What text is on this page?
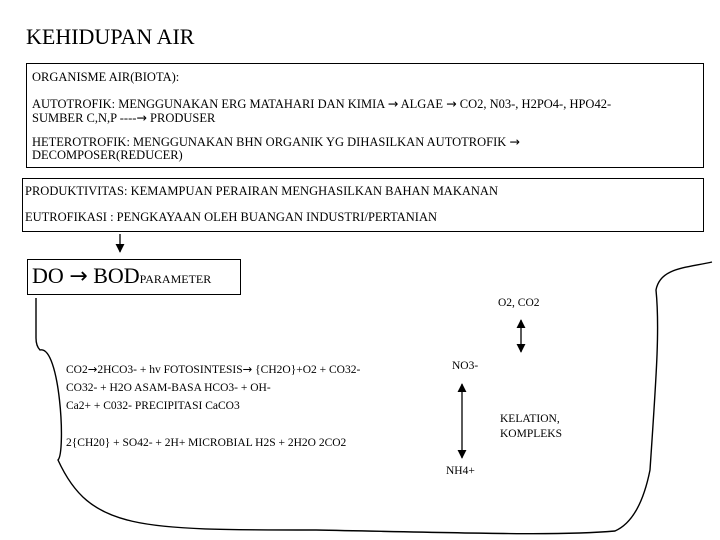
KEHIDUPAN AIR
ORGANISME AIR(BIOTA):
AUTOTROFIK: MENGGUNAKAN ERG MATAHARI DAN KIMIA → ALGAE → CO2, N03-, H2PO4-, HPO42-
SUMBER C,N,P ----→ PRODUSER
HETEROTROFIK: MENGGUNAKAN BHN ORGANIK YG DIHASILKAN AUTOTROFIK →
DECOMPOSER(REDUCER)
PRODUKTIVITAS: KEMAMPUAN PERAIRAN MENGHASILKAN BAHAN MAKANAN
EUTROFIKASI : PENGKAYAAN OLEH BUANGAN INDUSTRI/PERTANIAN
DO → BODPARAMETER
O2, CO2
NO3-
NH4+
KELATION,
KOMPLEKS
CO2→2HCO3- + hv FOTOSINTESIS→ {CH2O}+O2 + CO32-
CO32- + H2O ASAM-BASA HCO3- + OH-
Ca2+ + C032- PRECIPITASI CaCO3
2{CH20} + SO42- + 2H+ MICROBIAL H2S + 2H2O 2CO2
